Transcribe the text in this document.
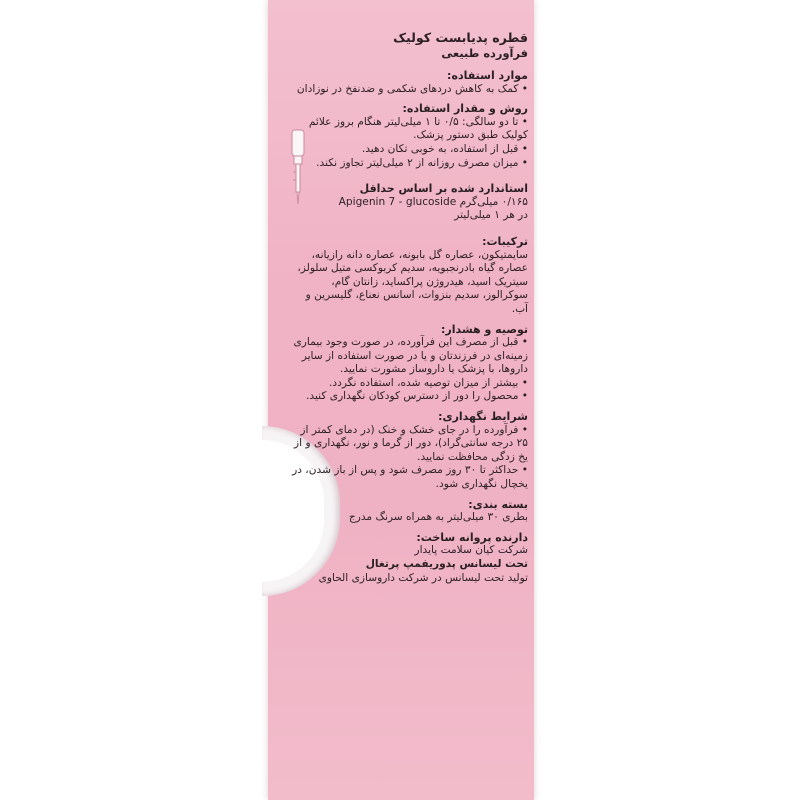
قطره پدیابست کولیک
فرآورده طبیعی
موارد استفاده:
• کمک به کاهش دردهای شکمی و ضدنفخ در نوزادان
روش و مقدار استفاده:
• تا دو سالگی: ۰/۵ تا ۱ میلی‌لیتر هنگام بروز علائم کولیک طبق دستور پزشک.
• قبل از استفاده، به خوبی تکان دهید.
• میزان مصرف روزانه از ۲ میلی‌لیتر تجاوز نکند.
استاندارد شده بر اساس حداقل
۰/۱۶۵ میلی‌گرم Apigenin 7 - glucoside
در هر ۱ میلی‌لیتر
ترکیبات:
سایمتیکون، عصاره گل بابونه، عصاره دانه رازیانه، عصاره گیاه بادرنجبویه، سدیم کربوکسی متیل سلولز، سیتریک اسید، هیدروژن پراکساید، زانتان گام، سوکرالوز، سدیم بنزوات، اسانس نعناع، گلیسرین و آب.
توصیه و هشدار:
• قبل از مصرف این فرآورده، در صورت وجود بیماری زمینه‌ای در فرزندتان و یا در صورت استفاده از سایر داروها، با پزشک یا داروساز مشورت نمایید.
• بیشتر از میزان توصیه شده، استفاده نگردد.
• محصول را دور از دسترس کودکان نگهداری کنید.
شرایط نگهداری:
• فرآورده را در جای خشک و خنک (در دمای کمتر از ۲۵ درجه سانتی‌گراد)، دور از گرما و نور، نگهداری و از یخ زدگی محافظت نمایید.
• حداکثر تا ۳۰ روز مصرف شود و پس از باز شدن، در یخچال نگهداری شود.
بسته بندی:
بطری ۳۰ میلی‌لیتر به همراه سرنگ مدرج
دارنده پروانه ساخت:
شرکت کیان سلامت پایدار
تحت لیسانس پدوریفمپ پرتغال
تولید تحت لیسانس در شرکت داروسازی الحاوی
